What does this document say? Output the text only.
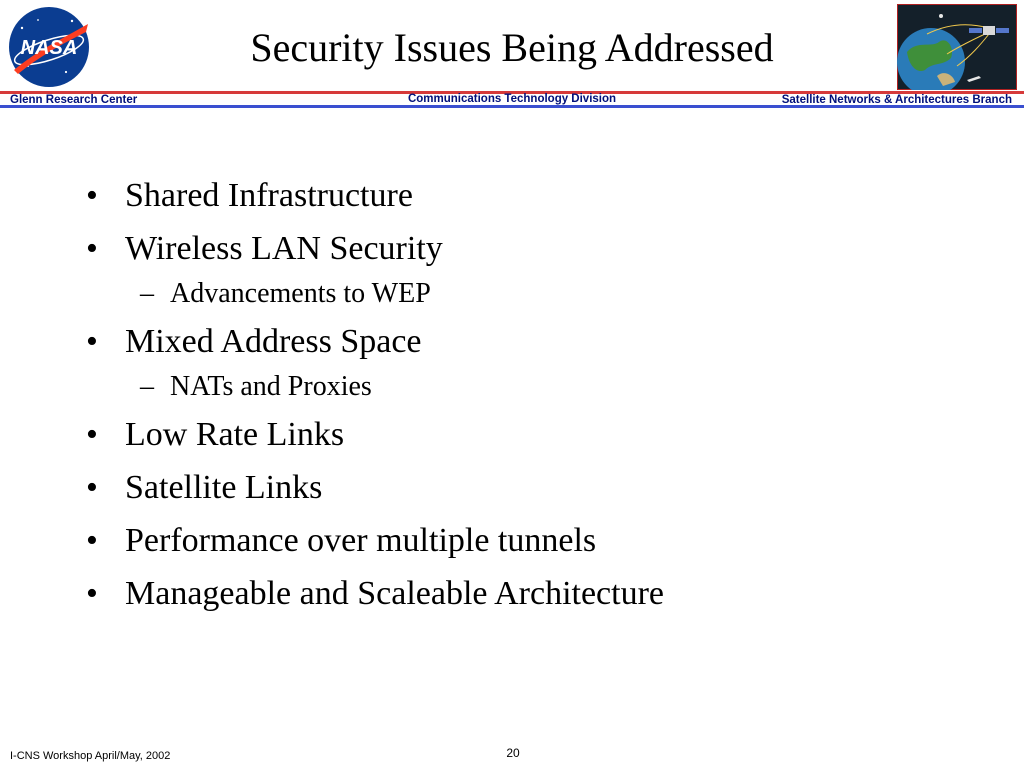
NASA	Security Issues Being Addressed
Glenn Research Center	Communications Technology Division	Satellite Networks & Architectures Branch
• Shared Infrastructure
• Wireless LAN Security
– Advancements to WEP
• Mixed Address Space
– NATs and Proxies
• Low Rate Links
• Satellite Links
• Performance over multiple tunnels
• Manageable and Scaleable Architecture
I-CNS Workshop April/May, 2002	20
